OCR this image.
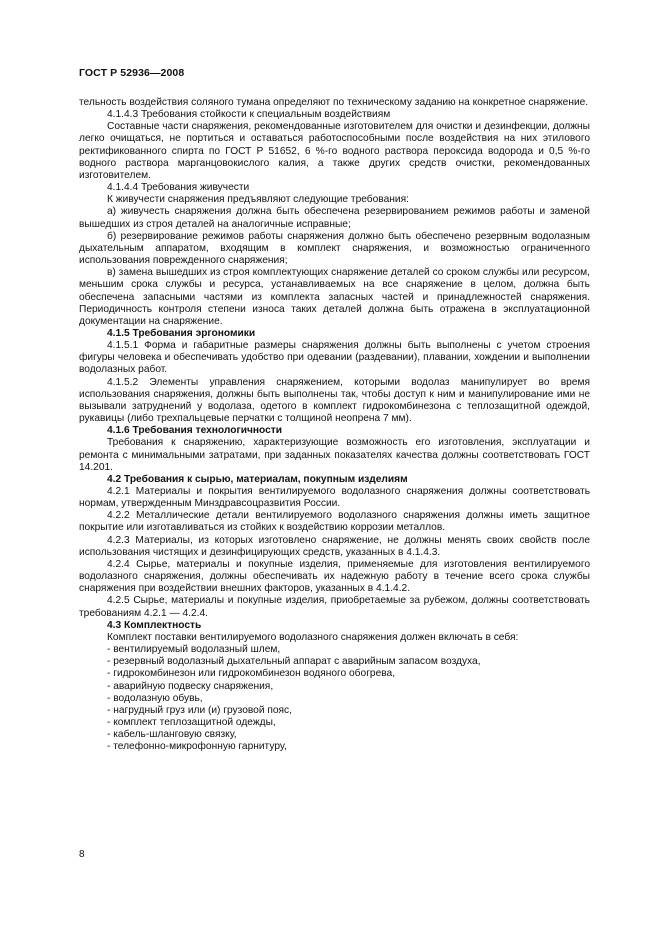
ГОСТ Р 52936—2008

тельность воздействия соляного тумана определяют по техническому заданию на конкретное снаряжение.

4.1.4.3 Требования стойкости к специальным воздействиям

Составные части снаряжения, рекомендованные изготовителем для очистки и дезинфекции, должны легко очищаться, не портиться и оставаться работоспособными после воздействия на них этилового ректификованного спирта по ГОСТ Р 51652, 6 %-го водного раствора пероксида водорода и 0,5 %-го водного раствора марганцовокислого калия, а также других средств очистки, рекомендованных изготовителем.

4.1.4.4 Требования живучести

К живучести снаряжения предъявляют следующие требования:

а) живучесть снаряжения должна быть обеспечена резервированием режимов работы и заменой вышедших из строя деталей на аналогичные исправные;

б) резервирование режимов работы снаряжения должно быть обеспечено резервным водолазным дыхательным аппаратом, входящим в комплект снаряжения, и возможностью ограниченного использования поврежденного снаряжения;

в) замена вышедших из строя комплектующих снаряжение деталей со сроком службы или ресурсом, меньшим срока службы и ресурса, устанавливаемых на все снаряжение в целом, должна быть обеспечена запасными частями из комплекта запасных частей и принадлежностей снаряжения. Периодичность контроля степени износа таких деталей должна быть отражена в эксплуатационной документации на снаряжение.

4.1.5 Требования эргономики

4.1.5.1 Форма и габаритные размеры снаряжения должны быть выполнены с учетом строения фигуры человека и обеспечивать удобство при одевании (раздевании), плавании, хождении и выполнении водолазных работ.

4.1.5.2 Элементы управления снаряжением, которыми водолаз манипулирует во время использования снаряжения, должны быть выполнены так, чтобы доступ к ним и манипулирование ими не вызывали затруднений у водолаза, одетого в комплект гидрокомбинезона с теплозащитной одеждой, рукавицы (либо трехпальцевые перчатки с толщиной неопрена 7 мм).

4.1.6 Требования технологичности

Требования к снаряжению, характеризующие возможность его изготовления, эксплуатации и ремонта с минимальными затратами, при заданных показателях качества должны соответствовать ГОСТ 14.201.

4.2 Требования к сырью, материалам, покупным изделиям

4.2.1 Материалы и покрытия вентилируемого водолазного снаряжения должны соответствовать нормам, утвержденным Минздравсоцразвития России.

4.2.2 Металлические детали вентилируемого водолазного снаряжения должны иметь защитное покрытие или изготавливаться из стойких к воздействию коррозии металлов.

4.2.3 Материалы, из которых изготовлено снаряжение, не должны менять своих свойств после использования чистящих и дезинфицирующих средств, указанных в 4.1.4.3.

4.2.4 Сырье, материалы и покупные изделия, применяемые для изготовления вентилируемого водолазного снаряжения, должны обеспечивать их надежную работу в течение всего срока службы снаряжения при воздействии внешних факторов, указанных в 4.1.4.2.

4.2.5 Сырье, материалы и покупные изделия, приобретаемые за рубежом, должны соответствовать требованиям 4.2.1 — 4.2.4.

4.3 Комплектность

Комплект поставки вентилируемого водолазного снаряжения должен включать в себя:

- вентилируемый водолазный шлем,

- резервный водолазный дыхательный аппарат с аварийным запасом воздуха,

- гидрокомбинезон или гидрокомбинезон водяного обогрева,

- аварийную подвеску снаряжения,

- водолазную обувь,

- нагрудный груз или (и) грузовой пояс,

- комплект теплозащитной одежды,

- кабель-шланговую связку,

- телефонно-микрофонную гарнитуру,

8
